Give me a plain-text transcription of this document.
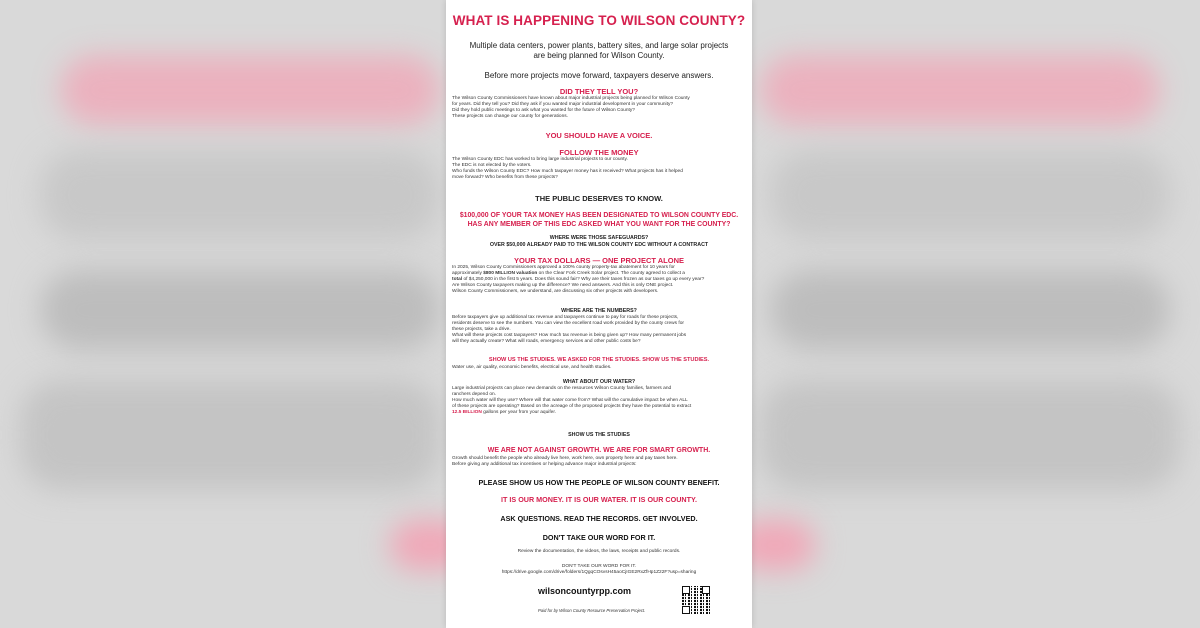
WHAT IS HAPPENING TO WILSON COUNTY?
Multiple data centers, power plants, battery sites, and large solar projects
are being planned for Wilson County.
Before more projects move forward, taxpayers deserve answers.
DID THEY TELL YOU?
The Wilson County Commissioners have known about major industrial projects being planned for Wilson County
for years. Did they tell you? Did they ask if you wanted major industrial development in your community?
Did they hold public meetings to ask what you wanted for the future of Wilson County?
These projects can change our county for generations.
YOU SHOULD HAVE A VOICE.
FOLLOW THE MONEY
The Wilson County EDC has worked to bring large industrial projects to our county.
The EDC is not elected by the voters.
Who funds the Wilson County EDC? How much taxpayer money has it received? What projects has it helped
move forward? Who benefits from these projects?
THE PUBLIC DESERVES TO KNOW.
$100,000 OF YOUR TAX MONEY HAS BEEN DESIGNATED TO WILSON COUNTY EDC.
HAS ANY MEMBER OF THIS EDC ASKED WHAT YOU WANT FOR THE COUNTY?
WHERE WERE THOSE SAFEGUARDS?
OVER $50,000 ALREADY PAID TO THE WILSON COUNTY EDC WITHOUT A CONTRACT
YOUR TAX DOLLARS — ONE PROJECT ALONE
In 2025, Wilson County Commissioners approved a 100% county property-tax abatement for 10 years for
approximately $800 MILLION valuation on the Clear Fork Creek Solar project. The county agreed to collect a
total of $4,250,000 in the first 5 years. Does this sound fair? Why are their taxes frozen as our taxes go up every year?
Are Wilson County taxpayers making up the difference? We need answers. And this is only ONE project.
Wilson County Commissioners, we understand, are discussing six other projects with developers.
WHERE ARE THE NUMBERS?
Before taxpayers give up additional tax revenue and taxpayers continue to pay for roads for these projects,
residents deserve to see the numbers. You can view the excellent road work provided by the county crews for
these projects, take a drive.
What will these projects cost taxpayers? How much tax revenue is being given up? How many permanent jobs
will they actually create? What will roads, emergency services and other public costs be?
SHOW US THE STUDIES. WE ASKED FOR THE STUDIES. SHOW US THE STUDIES.
Water use, air quality, economic benefits, electrical use, and health studies.
WHAT ABOUT OUR WATER?
Large industrial projects can place new demands on the resources Wilson County families, farmers and
ranchers depend on.
How much water will they use? Where will that water come from? What will the cumulative impact be when ALL
of these projects are operating? Based on the acreage of the proposed projects they have the potential to extract
12.5 BILLION gallons per year from your aquifer.
SHOW US THE STUDIES
WE ARE NOT AGAINST GROWTH. WE ARE FOR SMART GROWTH.
Growth should benefit the people who already live here, work here, own property here and pay taxes here.
Before giving any additional tax incentives or helping advance major industrial projects:
PLEASE SHOW US HOW THE PEOPLE OF WILSON COUNTY BENEFIT.
IT IS OUR MONEY. IT IS OUR WATER. IT IS OUR COUNTY.
ASK QUESTIONS. READ THE RECORDS. GET INVOLVED.
DON'T TAKE OUR WORD FOR IT.
Review the documentation, the videos, the laws, receipts and public records.
DON'T TAKE OUR WORD FOR IT.
https://drive.google.com/drive/folders/1QgqCOsvsH45aoCjIGE2RxZfHp1Z22F?usp=sharing
wilsoncountyrpp.com
Paid for by Wilson County Resource Preservation Project.
